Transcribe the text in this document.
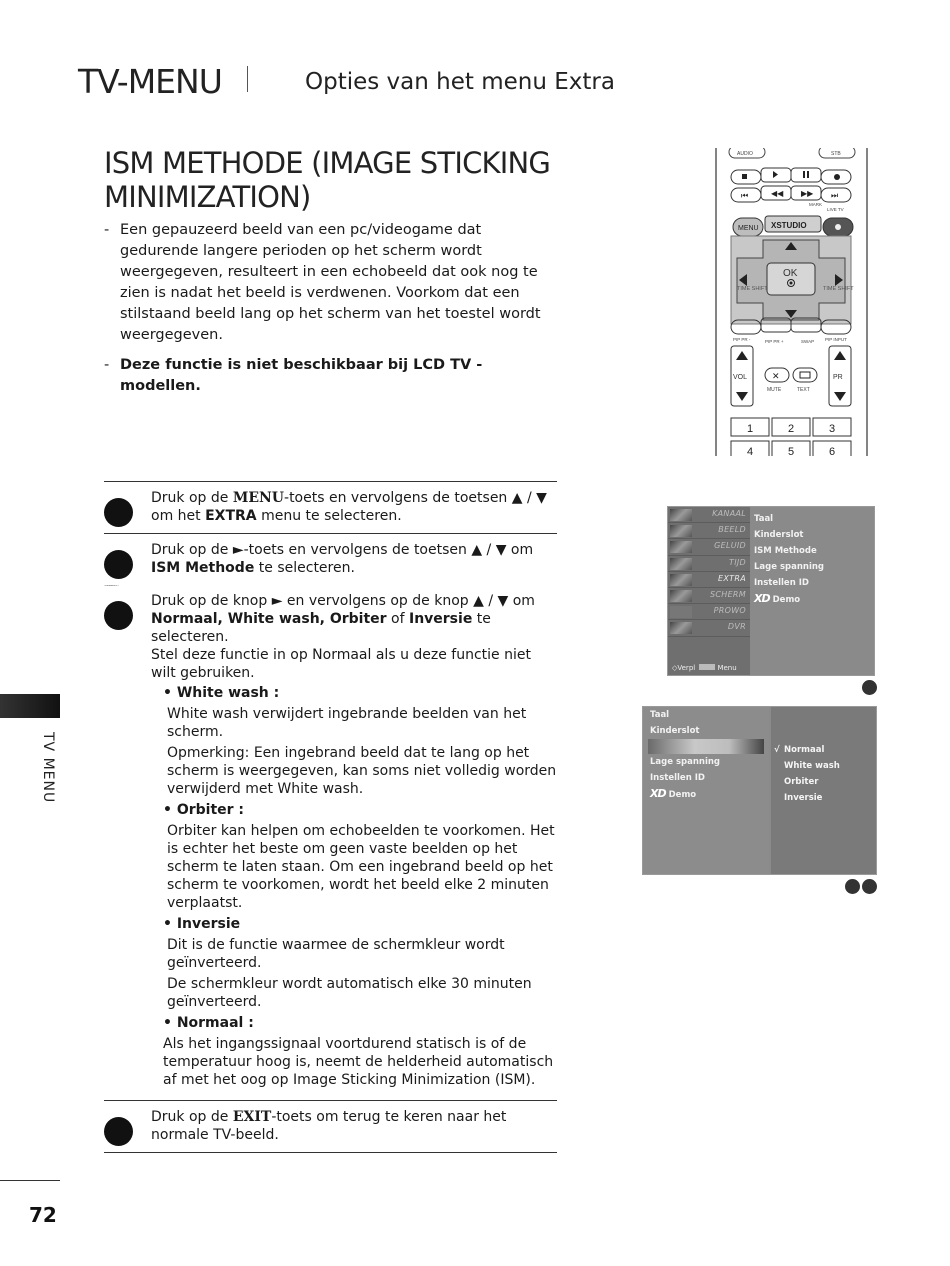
TV-MENU	Opties van het menu Extra
ISM METHODE (IMAGE STICKING MINIMIZATION)

- Een gepauzeerd beeld van een pc/videogame dat gedurende langere perioden op het scherm wordt weergegeven, resulteert in een echobeeld dat ook nog te zien is nadat het beeld is verdwenen. Voorkom dat een stilstaand beeld lang op het scherm van het toestel wordt weergegeven.

- Deze functie is niet beschikbaar bij LCD TV -modellen.

AUDIO	STB
⏮	◀◀ ▶▶ ⏭
MARK
LIVE TV
MENU XSTUDIO
OK
TIME SHIFT	TIME SHIFT
PIP PR -	PIP PR +	SWAP PIP INPUT
VOL	PR
✕
MUTE	TEXT
1	2	3
4	5	6
Druk op de MENU-toets en vervolgens de toetsen ▲ / ▼ om het EXTRA menu te selecteren.
Druk op de ►-toets en vervolgens de toetsen ▲ / ▼ om ISM Methode te selecteren.
Druk op de knop ► en vervolgens op de knop ▲ / ▼ om Normaal, White wash, Orbiter of Inversie te selecteren.
Stel deze functie in op Normaal als u deze functie niet wilt gebruiken.
• White wash :

White wash verwijdert ingebrande beelden van het scherm.

Opmerking: Een ingebrand beeld dat te lang op het scherm is weergegeven, kan soms niet volledig worden verwijderd met White wash.

• Orbiter :

Orbiter kan helpen om echobeelden te voorkomen. Het is echter het beste om geen vaste beelden op het scherm te laten staan. Om een ingebrand beeld op het scherm te voorkomen, wordt het beeld elke 2 minuten verplaatst.

• Inversie

Dit is de functie waarmee de schermkleur wordt geïnverteerd.

De schermkleur wordt automatisch elke 30 minuten geïnverteerd.

• Normaal :

Als het ingangssignaal voortdurend statisch is of de temperatuur hoog is, neemt de helderheid automatisch af met het oog op Image Sticking Minimization (ISM).

Druk op de EXIT-toets om terug te keren naar het normale TV-beeld.
TV MENU
72
KANAAL
BEELD
GELUID
TIJD
EXTRA
SCHERM
PROWO
DVR
◇Verpl	Menu
Taal
Kinderslot
ISM Methode
Lage spanning
Instellen ID
XD Demo
Taal
Kinderslot
Lage spanning
Instellen ID
XD Demo
√ Normaal
White wash
Orbiter
Inversie
